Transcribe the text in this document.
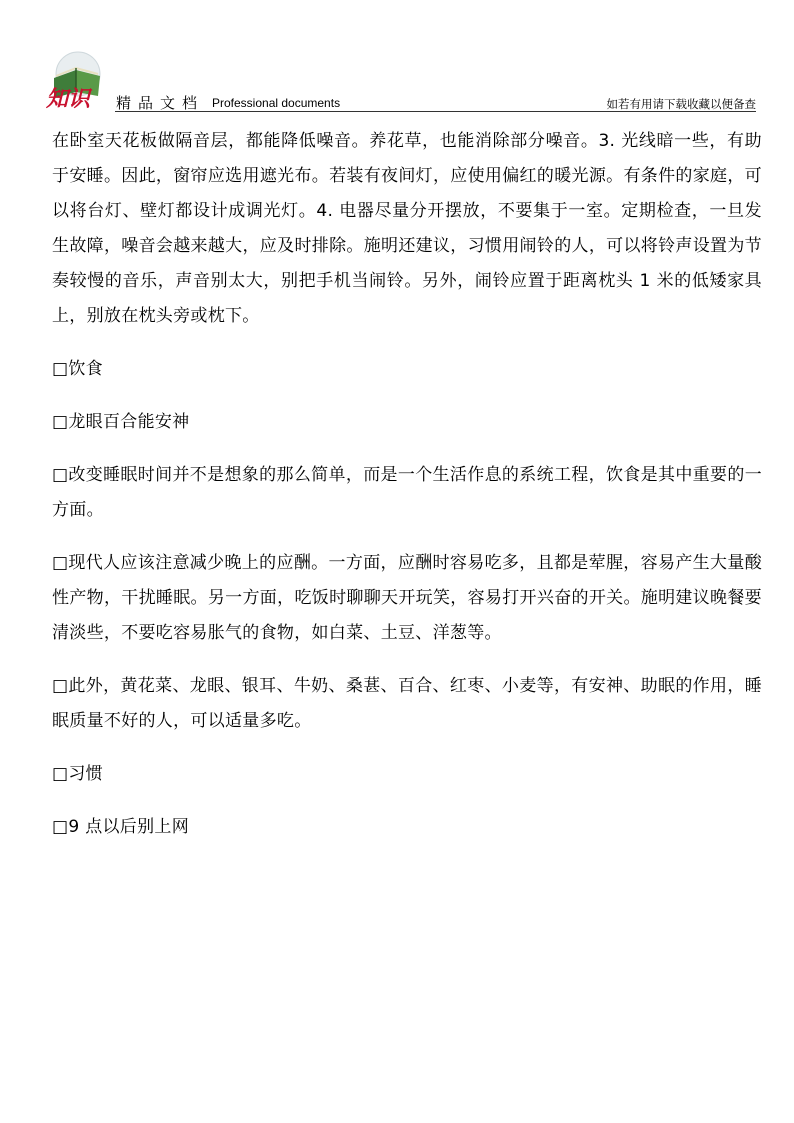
知识 精品文档 Professional documents	如若有用请下载收藏以便备查

在卧室天花板做隔音层，都能降低噪音。养花草，也能消除部分噪音。3. 光线暗一些，有助于安睡。因此，窗帘应选用遮光布。若装有夜间灯，应使用偏红的暖光源。有条件的家庭，可以将台灯、壁灯都设计成调光灯。4. 电器尽量分开摆放，不要集于一室。定期检查，一旦发生故障，噪音会越来越大，应及时排除。施明还建议，习惯用闹铃的人，可以将铃声设置为节奏较慢的音乐，声音别太大，别把手机当闹铃。另外，闹铃应置于距离枕头 1 米的低矮家具上，别放在枕头旁或枕下。

□饮食

□龙眼百合能安神

□改变睡眠时间并不是想象的那么简单，而是一个生活作息的系统工程，饮食是其中重要的一方面。

□现代人应该注意减少晚上的应酬。一方面，应酬时容易吃多，且都是荤腥，容易产生大量酸性产物，干扰睡眠。另一方面，吃饭时聊聊天开玩笑，容易打开兴奋的开关。施明建议晚餐要清淡些，不要吃容易胀气的食物，如白菜、土豆、洋葱等。

□此外，黄花菜、龙眼、银耳、牛奶、桑葚、百合、红枣、小麦等，有安神、助眠的作用，睡眠质量不好的人，可以适量多吃。

□习惯

□9 点以后别上网
